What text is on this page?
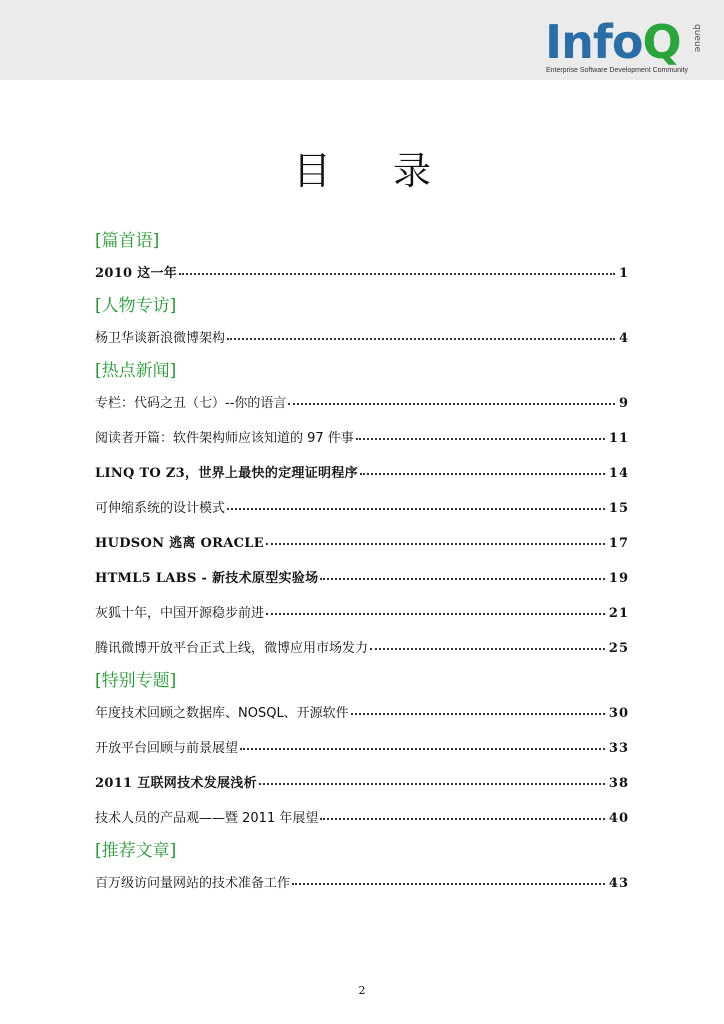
InfoQ queue
Enterprise Software Development Community
目录
[篇首语]
2010 这一年	1
[人物专访]
杨卫华谈新浪微博架构	4
[热点新闻]
专栏：代码之丑（七）--你的语言	9
阅读者开篇：软件架构师应该知道的 97 件事	11
LINQ TO Z3，世界上最快的定理证明程序	14
可伸缩系统的设计模式	15
HUDSON 逃离 ORACLE	17
HTML5 LABS - 新技术原型实验场	19
灰狐十年，中国开源稳步前进	21
腾讯微博开放平台正式上线，微博应用市场发力	25
[特别专题]
年度技术回顾之数据库、NOSQL、开源软件	30
开放平台回顾与前景展望	33
2011 互联网技术发展浅析	38
技术人员的产品观——暨 2011 年展望	40
[推荐文章]
百万级访问量网站的技术准备工作	43
2
